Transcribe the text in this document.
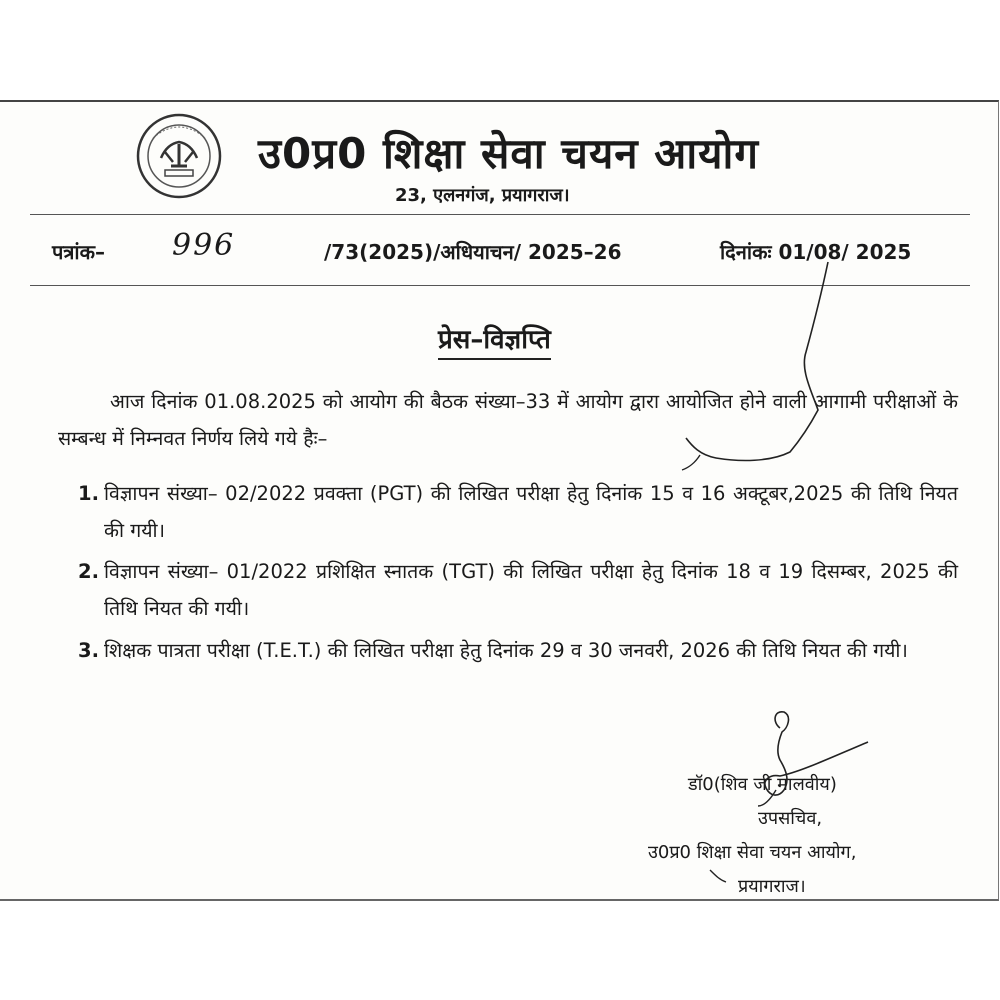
उ0प्र0 शिक्षा सेवा चयन आयोग
23, एलनगंज, प्रयागराज।
पत्रांक– 996	/73(2025)/अधियाचन/ 2025–26	दिनांकः 01/08/ 2025
प्रेस–विज्ञप्ति
आज दिनांक 01.08.2025 को आयोग की बैठक संख्या–33 में आयोग द्वारा आयोजित होने वाली आगामी परीक्षाओं के सम्बन्ध में निम्नवत निर्णय लिये गये हैः–
1. विज्ञापन संख्या– 02/2022 प्रवक्ता (PGT) की लिखित परीक्षा हेतु दिनांक 15 व 16 अक्टूबर,2025 की तिथि नियत की गयी।
2. विज्ञापन संख्या– 01/2022 प्रशिक्षित स्नातक (TGT) की लिखित परीक्षा हेतु दिनांक 18 व 19 दिसम्बर, 2025 की तिथि नियत की गयी।
3. शिक्षक पात्रता परीक्षा (T.E.T.) की लिखित परीक्षा हेतु दिनांक 29 व 30 जनवरी, 2026 की तिथि नियत की गयी।
डॉ0(शिव जी मालवीय)
उपसचिव,
उ0प्र0 शिक्षा सेवा चयन आयोग,
प्रयागराज।
